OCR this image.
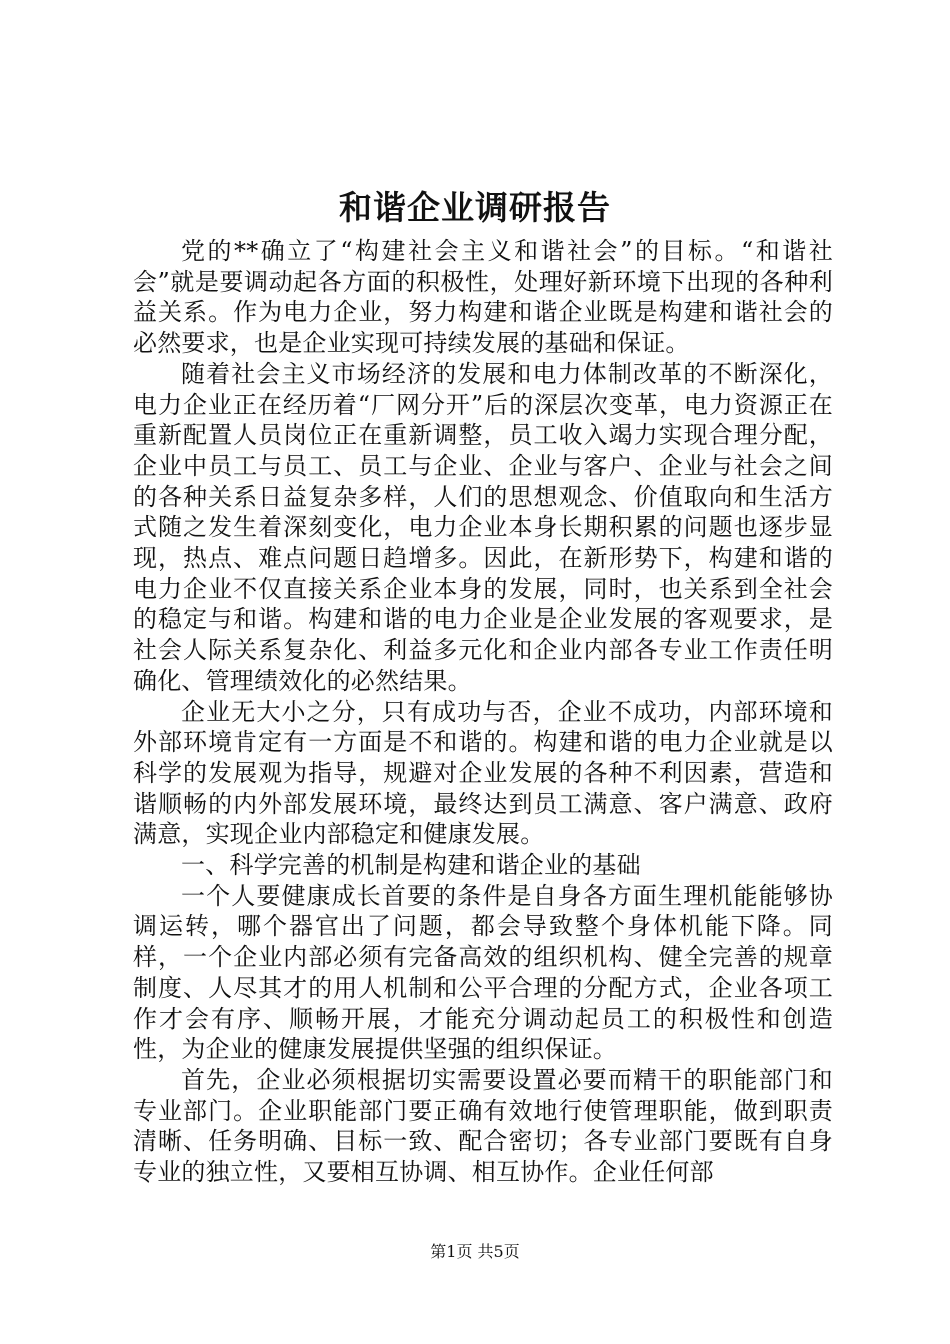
和谐企业调研报告

党的**确立了“构建社会主义和谐社会”的目标。“和谐社会”就是要调动起各方面的积极性，处理好新环境下出现的各种利益关系。作为电力企业，努力构建和谐企业既是构建和谐社会的必然要求，也是企业实现可持续发展的基础和保证。

随着社会主义市场经济的发展和电力体制改革的不断深化，电力企业正在经历着“厂网分开”后的深层次变革，电力资源正在重新配置人员岗位正在重新调整，员工收入竭力实现合理分配，企业中员工与员工、员工与企业、企业与客户、企业与社会之间的各种关系日益复杂多样，人们的思想观念、价值取向和生活方式随之发生着深刻变化，电力企业本身长期积累的问题也逐步显现，热点、难点问题日趋增多。因此，在新形势下，构建和谐的电力企业不仅直接关系企业本身的发展，同时，也关系到全社会的稳定与和谐。构建和谐的电力企业是企业发展的客观要求，是社会人际关系复杂化、利益多元化和企业内部各专业工作责任明确化、管理绩效化的必然结果。

企业无大小之分，只有成功与否，企业不成功，内部环境和外部环境肯定有一方面是不和谐的。构建和谐的电力企业就是以科学的发展观为指导，规避对企业发展的各种不利因素，营造和谐顺畅的内外部发展环境，最终达到员工满意、客户满意、政府满意，实现企业内部稳定和健康发展。

一、科学完善的机制是构建和谐企业的基础

一个人要健康成长首要的条件是自身各方面生理机能能够协调运转，哪个器官出了问题，都会导致整个身体机能下降。同样，一个企业内部必须有完备高效的组织机构、健全完善的规章制度、人尽其才的用人机制和公平合理的分配方式，企业各项工作才会有序、顺畅开展，才能充分调动起员工的积极性和创造性，为企业的健康发展提供坚强的组织保证。

首先，企业必须根据切实需要设置必要而精干的职能部门和专业部门。企业职能部门要正确有效地行使管理职能，做到职责清晰、任务明确、目标一致、配合密切；各专业部门要既有自身专业的独立性，又要相互协调、相互协作。企业任何部

第1页 共5页
